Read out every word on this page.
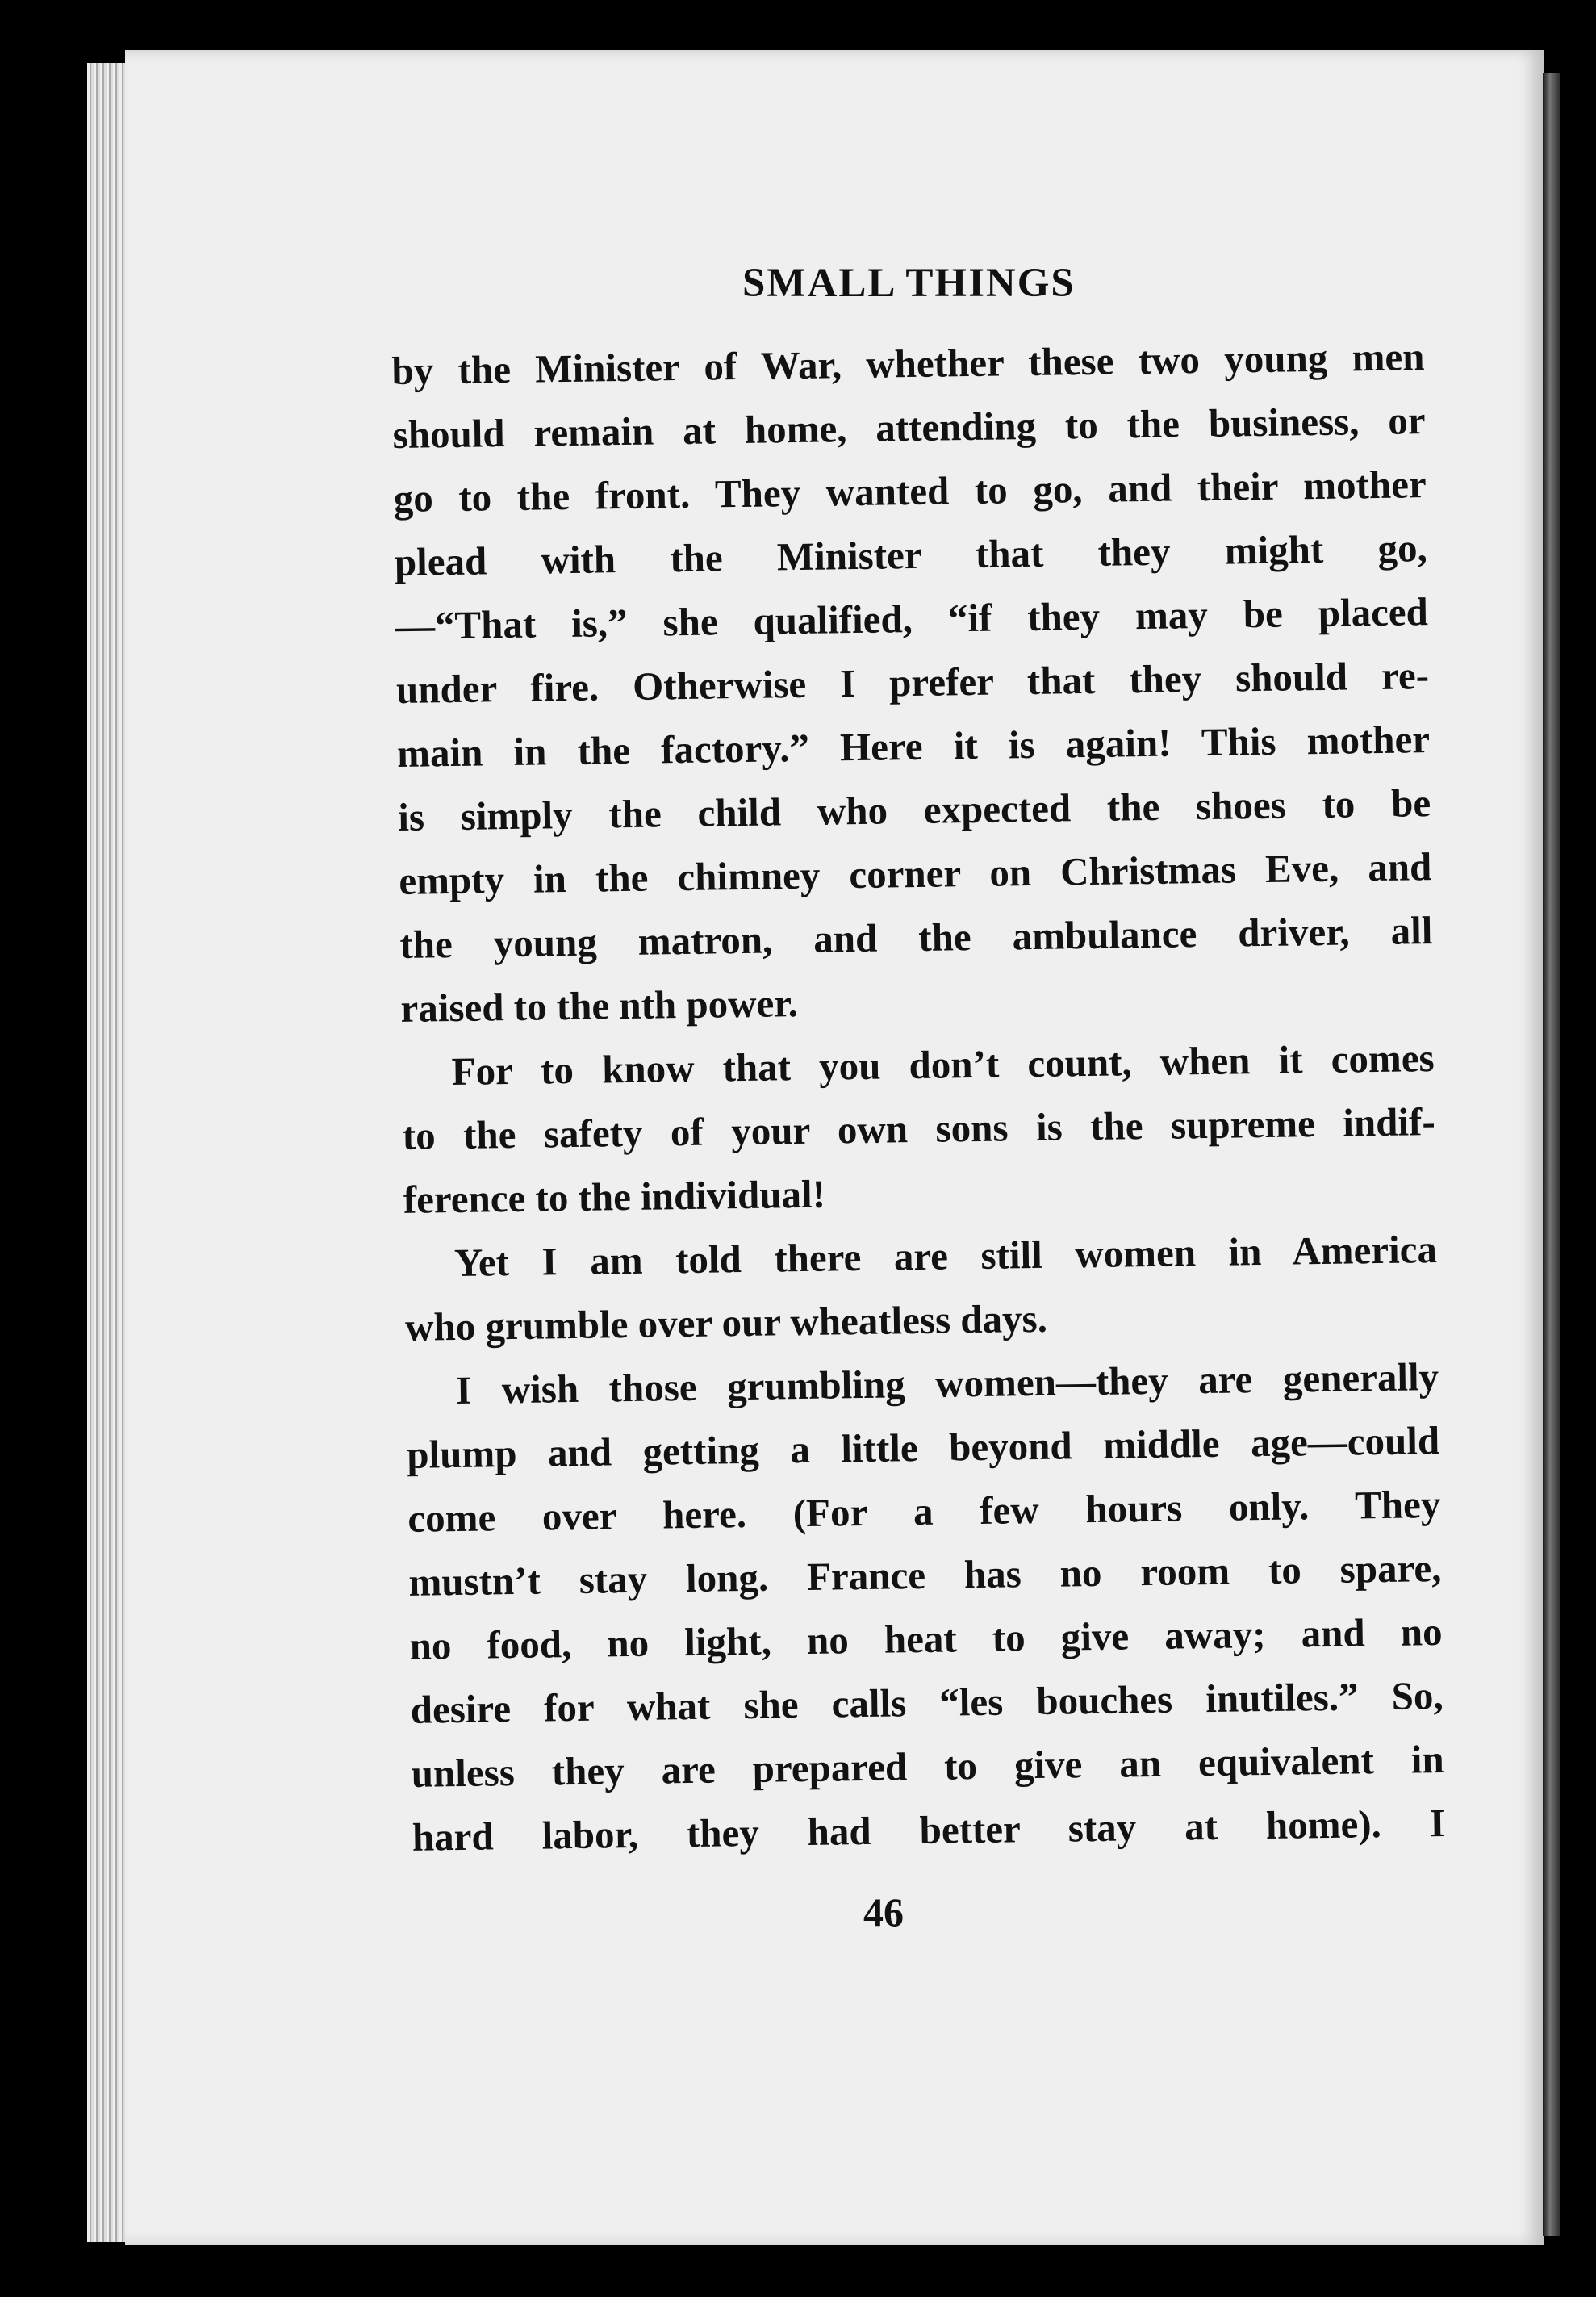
SMALL THINGS
by the Minister of War, whether these two young men
should remain at home, attending to the business, or
go to the front. They wanted to go, and their mother
plead with the Minister that they might go,
—“That is,” she qualified, “if they may be placed
under fire. Otherwise I prefer that they should re-
main in the factory.” Here it is again! This mother
is simply the child who expected the shoes to be
empty in the chimney corner on Christmas Eve, and
the young matron, and the ambulance driver, all
raised to the nth power.
For to know that you don’t count, when it comes
to the safety of your own sons is the supreme indif-
ference to the individual!
Yet I am told there are still women in America
who grumble over our wheatless days.
I wish those grumbling women—they are generally
plump and getting a little beyond middle age—could
come over here. (For a few hours only. They
mustn’t stay long. France has no room to spare,
no food, no light, no heat to give away; and no
desire for what she calls “les bouches inutiles.” So,
unless they are prepared to give an equivalent in
hard labor, they had better stay at home). I
46
